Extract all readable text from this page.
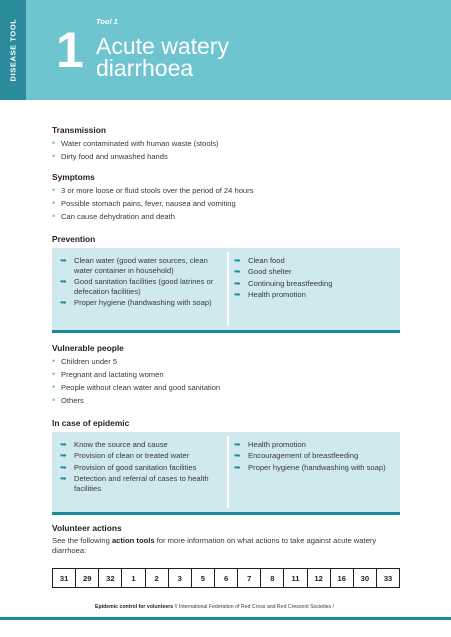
DISEASE TOOL 1
Tool 1
Acute watery
diarrhoea
Transmission
• Water contaminated with human waste (stools)
• Dirty food and unwashed hands
Symptoms
• 3 or more loose or fluid stools over the period of 24 hours
• Possible stomach pains, fever, nausea and vomiting
• Can cause dehydration and death
Prevention
➥ Clean water (good water sources, clean water container in household)
➥ Good sanitation facilities (good latrines or defecation facilities)
➥ Proper hygiene (handwashing with soap)
➥ Clean food
➥ Good shelter
➥ Continuing breastfeeding
➥ Health promotion
Vulnerable people
• Children under 5
• Pregnant and lactating women
• People without clean water and good sanitation
• Others
In case of epidemic
➥ Know the source and cause
➥ Provision of clean or treated water
➥ Provision of good sanitation facilities
➥ Detection and referral of cases to health facilities
➥ Health promotion
➥ Encouragement of breastfeeding
➥ Proper hygiene (handwashing with soap)
Volunteer actions
See the following action tools for more information on what actions to take against acute watery diarrhoea:
31	29	32	1	2	3	5	6	7	8	11	12	16	30	33
Epidemic control for volunteers // International Federation of Red Cross and Red Crescent Societies /
